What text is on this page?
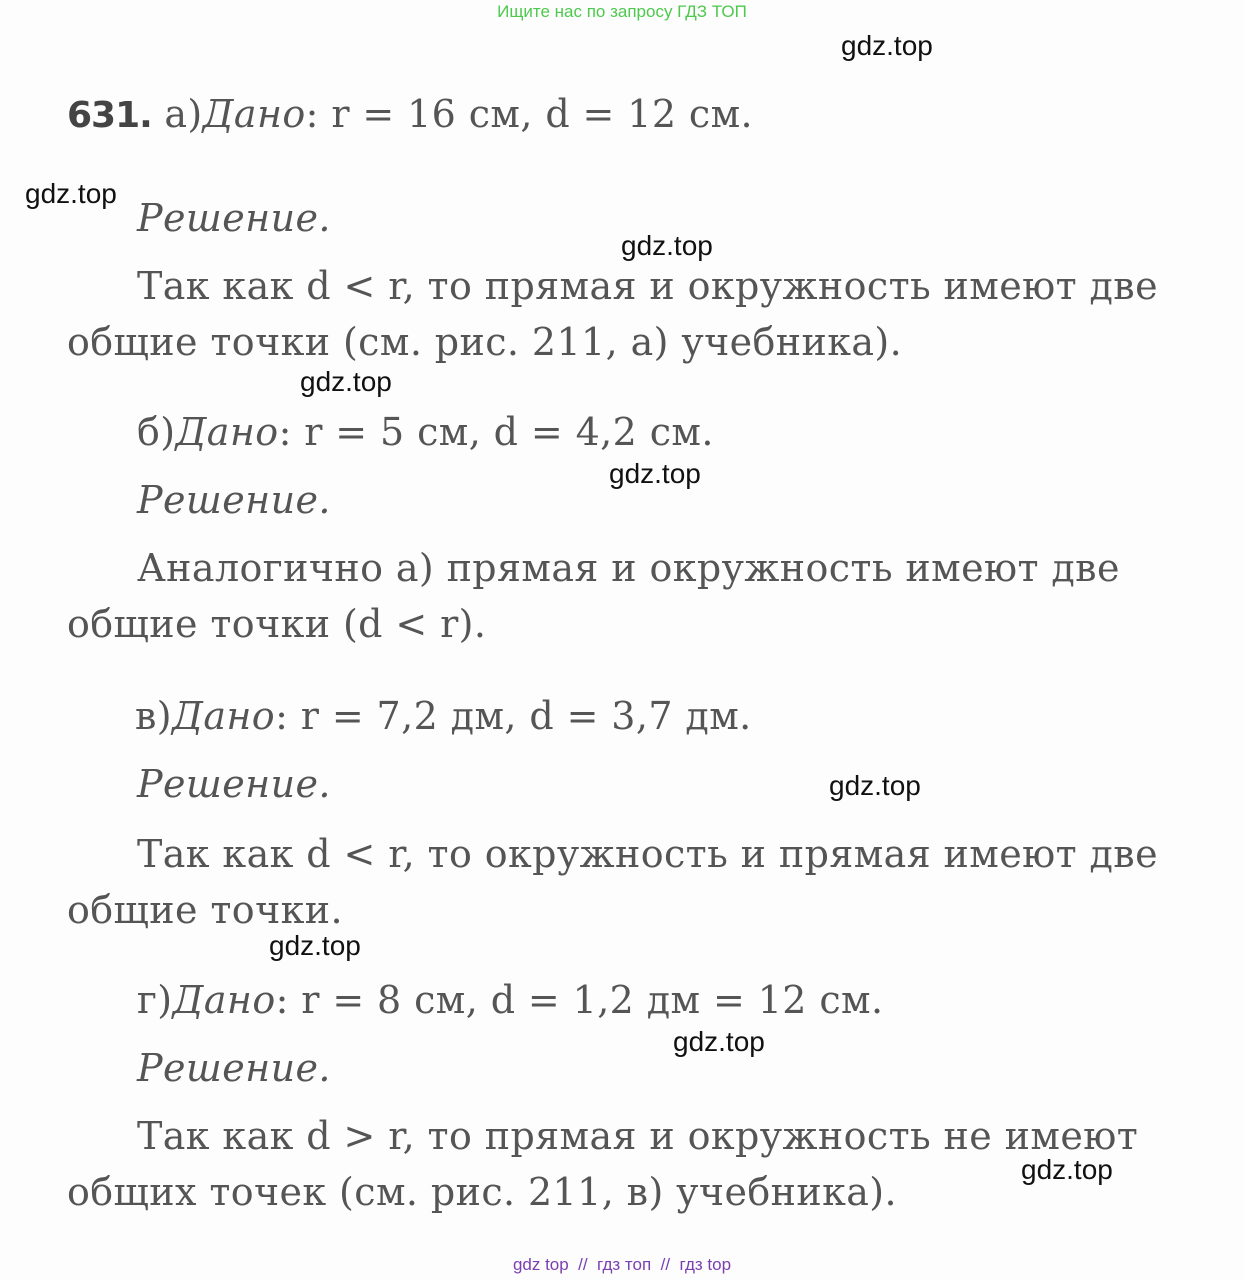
Ищите нас по запросу ГДЗ ТОП
gdz.top
gdz.top
gdz.top
gdz.top
gdz.top
gdz.top
gdz.top
gdz.top
gdz.top
631. а)Дано: r = 16 см, d = 12 см.
Решение.
Так как d < r, то прямая и окружность имеют две
общие точки (см. рис. 211, а) учебника).
б)Дано: r = 5 см, d = 4,2 см.
Решение.
Аналогично а) прямая и окружность имеют две
общие точки (d < r).
в)Дано: r = 7,2 дм, d = 3,7 дм.
Решение.
Так как d < r, то окружность и прямая имеют две
общие точки.
г)Дано: r = 8 см, d = 1,2 дм = 12 см.
Решение.
Так как d > r, то прямая и окружность не имеют
общих точек (см. рис. 211, в) учебника).
gdz top  //  гдз топ  //  гдз top
